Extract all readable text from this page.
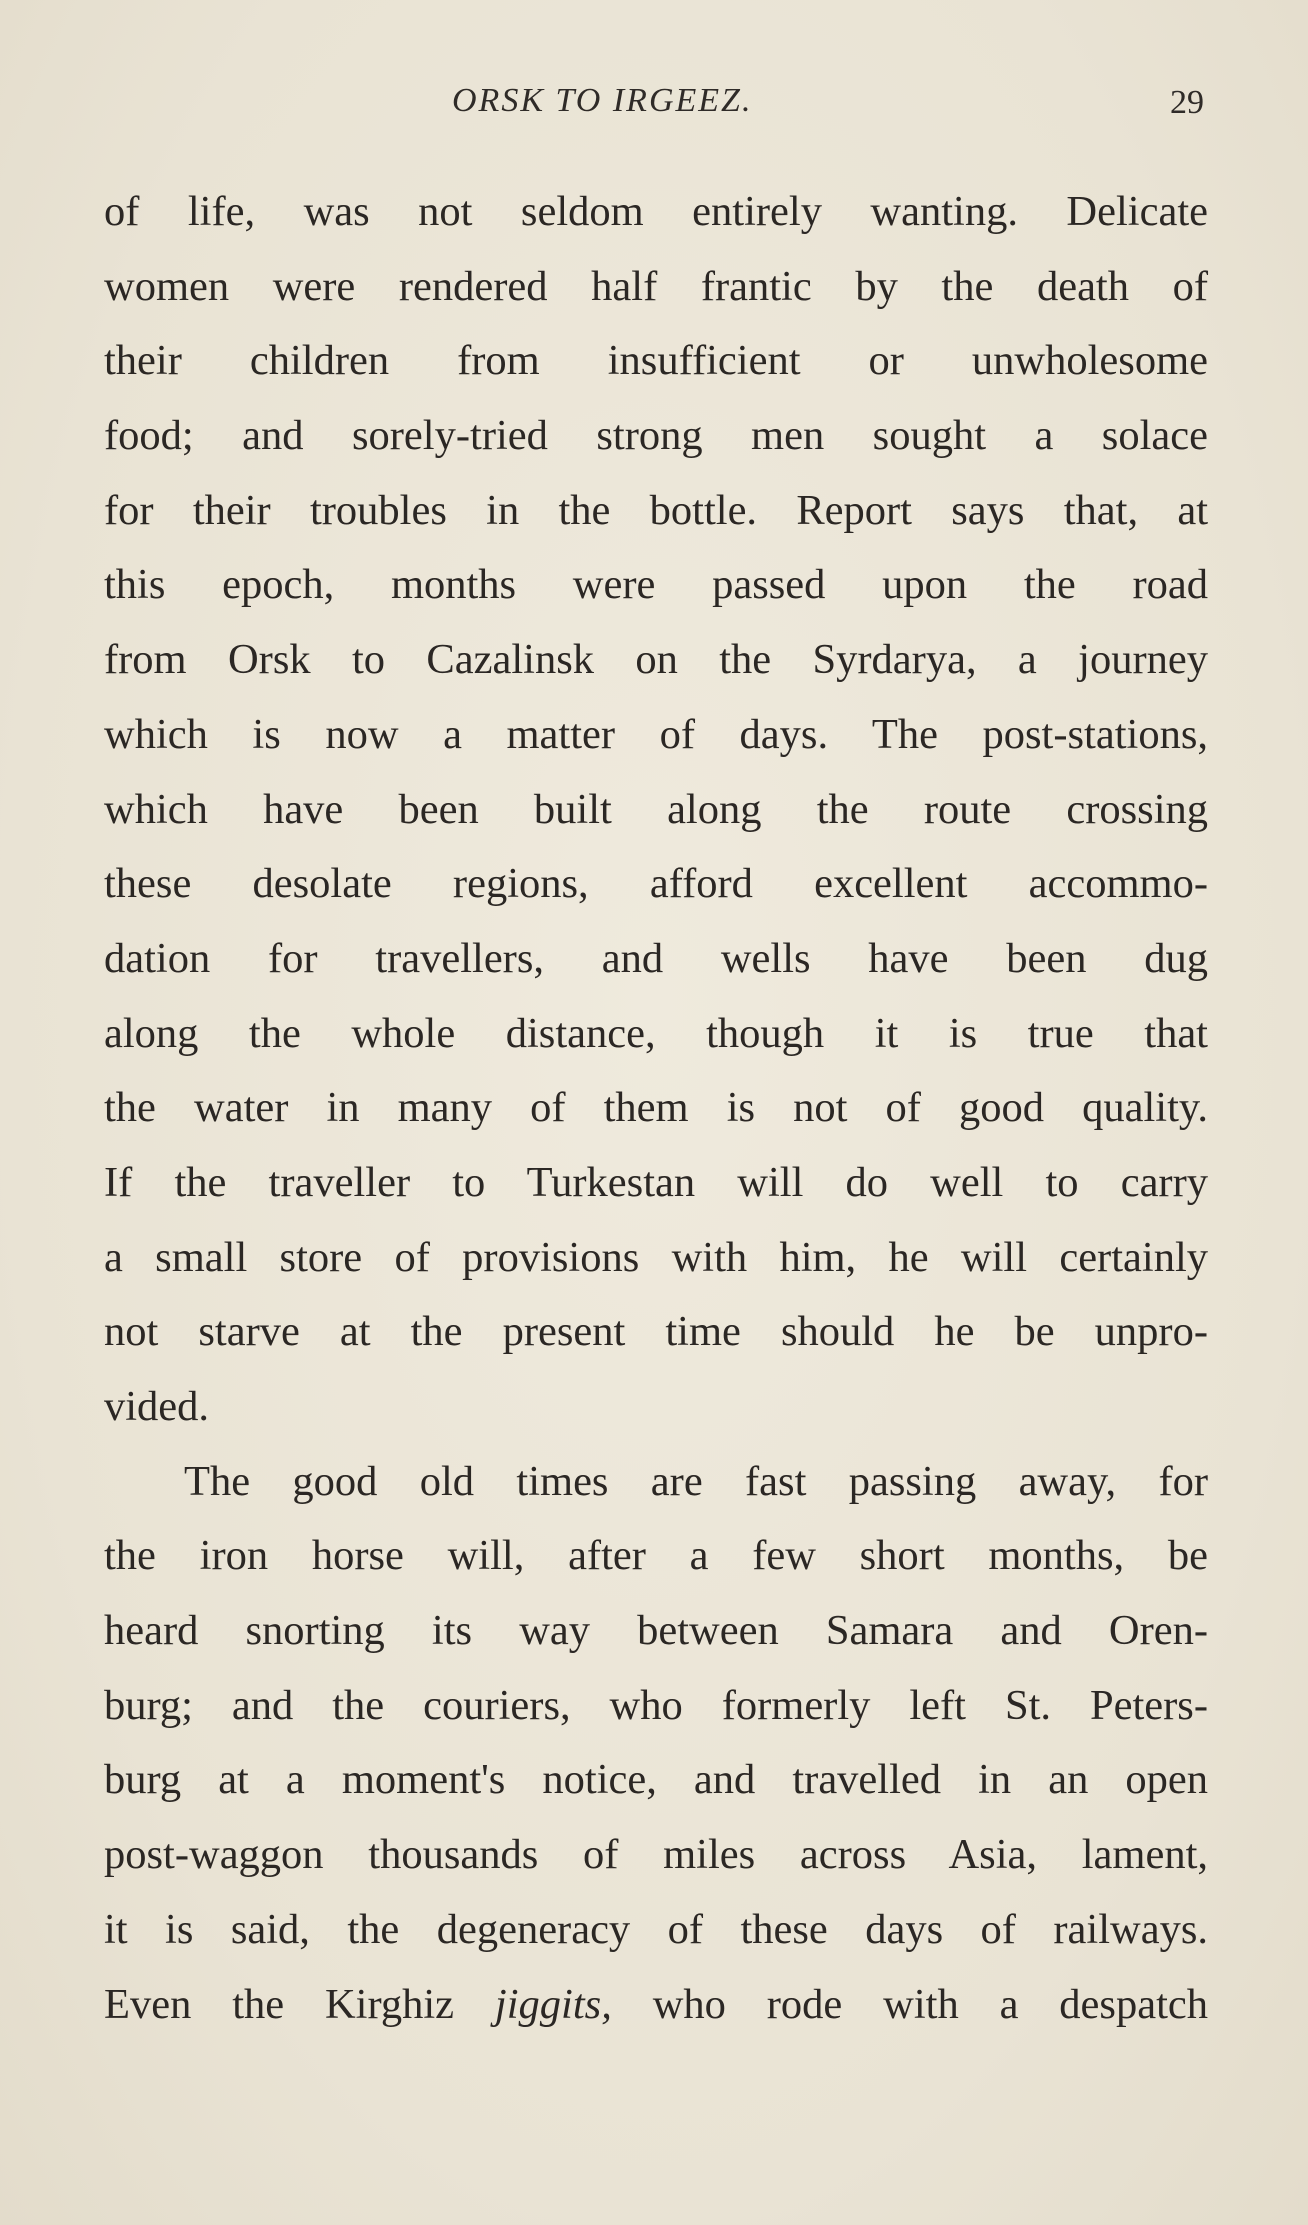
ORSK TO IRGEEZ.	29
of life, was not seldom entirely wanting. Delicate
women were rendered half frantic by the death of
their children from insufficient or unwholesome
food; and sorely-tried strong men sought a solace
for their troubles in the bottle. Report says that, at
this epoch, months were passed upon the road
from Orsk to Cazalinsk on the Syrdarya, a journey
which is now a matter of days. The post-stations,
which have been built along the route crossing
these desolate regions, afford excellent accommo-
dation for travellers, and wells have been dug
along the whole distance, though it is true that
the water in many of them is not of good quality.
If the traveller to Turkestan will do well to carry
a small store of provisions with him, he will certainly
not starve at the present time should he be unpro-
vided.
The good old times are fast passing away, for
the iron horse will, after a few short months, be
heard snorting its way between Samara and Oren-
burg; and the couriers, who formerly left St. Peters-
burg at a moment's notice, and travelled in an open
post-waggon thousands of miles across Asia, lament,
it is said, the degeneracy of these days of railways.
Even the Kirghiz jiggits, who rode with a despatch
